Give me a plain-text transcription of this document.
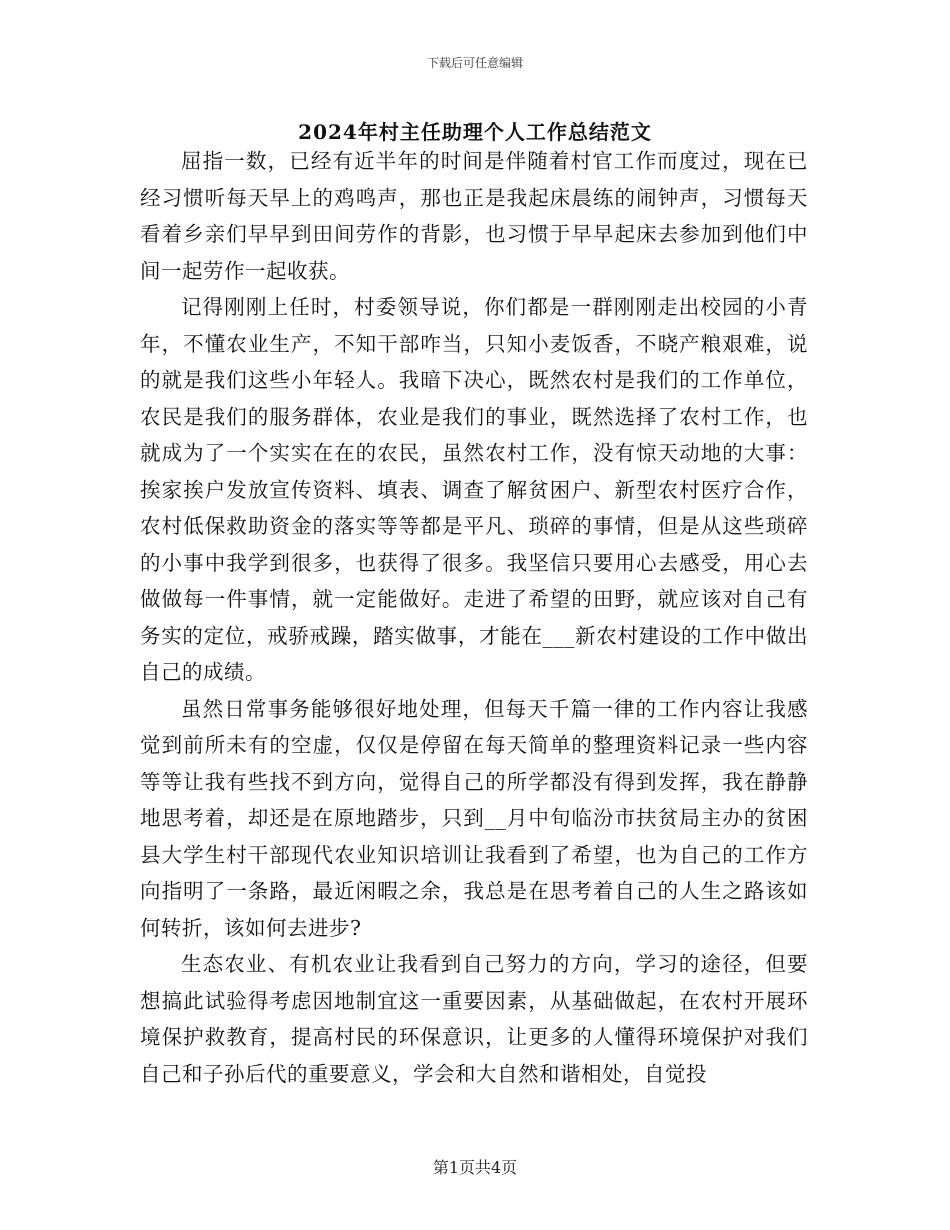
下载后可任意编辑
2024年村主任助理个人工作总结范文

屈指一数，已经有近半年的时间是伴随着村官工作而度过，现在已经习惯听每天早上的鸡鸣声，那也正是我起床晨练的闹钟声，习惯每天看着乡亲们早早到田间劳作的背影，也习惯于早早起床去参加到他们中间一起劳作一起收获。

记得刚刚上任时，村委领导说，你们都是一群刚刚走出校园的小青年，不懂农业生产，不知干部咋当，只知小麦饭香，不晓产粮艰难，说的就是我们这些小年轻人。我暗下决心，既然农村是我们的工作单位，农民是我们的服务群体，农业是我们的事业，既然选择了农村工作，也就成为了一个实实在在的农民，虽然农村工作，没有惊天动地的大事：挨家挨户发放宣传资料、填表、调查了解贫困户、新型农村医疗合作，农村低保救助资金的落实等等都是平凡、琐碎的事情，但是从这些琐碎的小事中我学到很多，也获得了很多。我坚信只要用心去感受，用心去做做每一件事情，就一定能做好。走进了希望的田野，就应该对自己有务实的定位，戒骄戒躁，踏实做事，才能在___新农村建设的工作中做出自己的成绩。

虽然日常事务能够很好地处理，但每天千篇一律的工作内容让我感觉到前所未有的空虚，仅仅是停留在每天简单的整理资料记录一些内容等等让我有些找不到方向，觉得自己的所学都没有得到发挥，我在静静地思考着，却还是在原地踏步，只到__月中旬临汾市扶贫局主办的贫困县大学生村干部现代农业知识培训让我看到了希望，也为自己的工作方向指明了一条路，最近闲暇之余，我总是在思考着自己的人生之路该如何转折，该如何去进步?

生态农业、有机农业让我看到自己努力的方向，学习的途径，但要想搞此试验得考虑因地制宜这一重要因素，从基础做起，在农村开展环境保护救教育，提高村民的环保意识，让更多的人懂得环境保护对我们自己和子孙后代的重要意义，学会和大自然和谐相处，自觉投

第1页共4页
